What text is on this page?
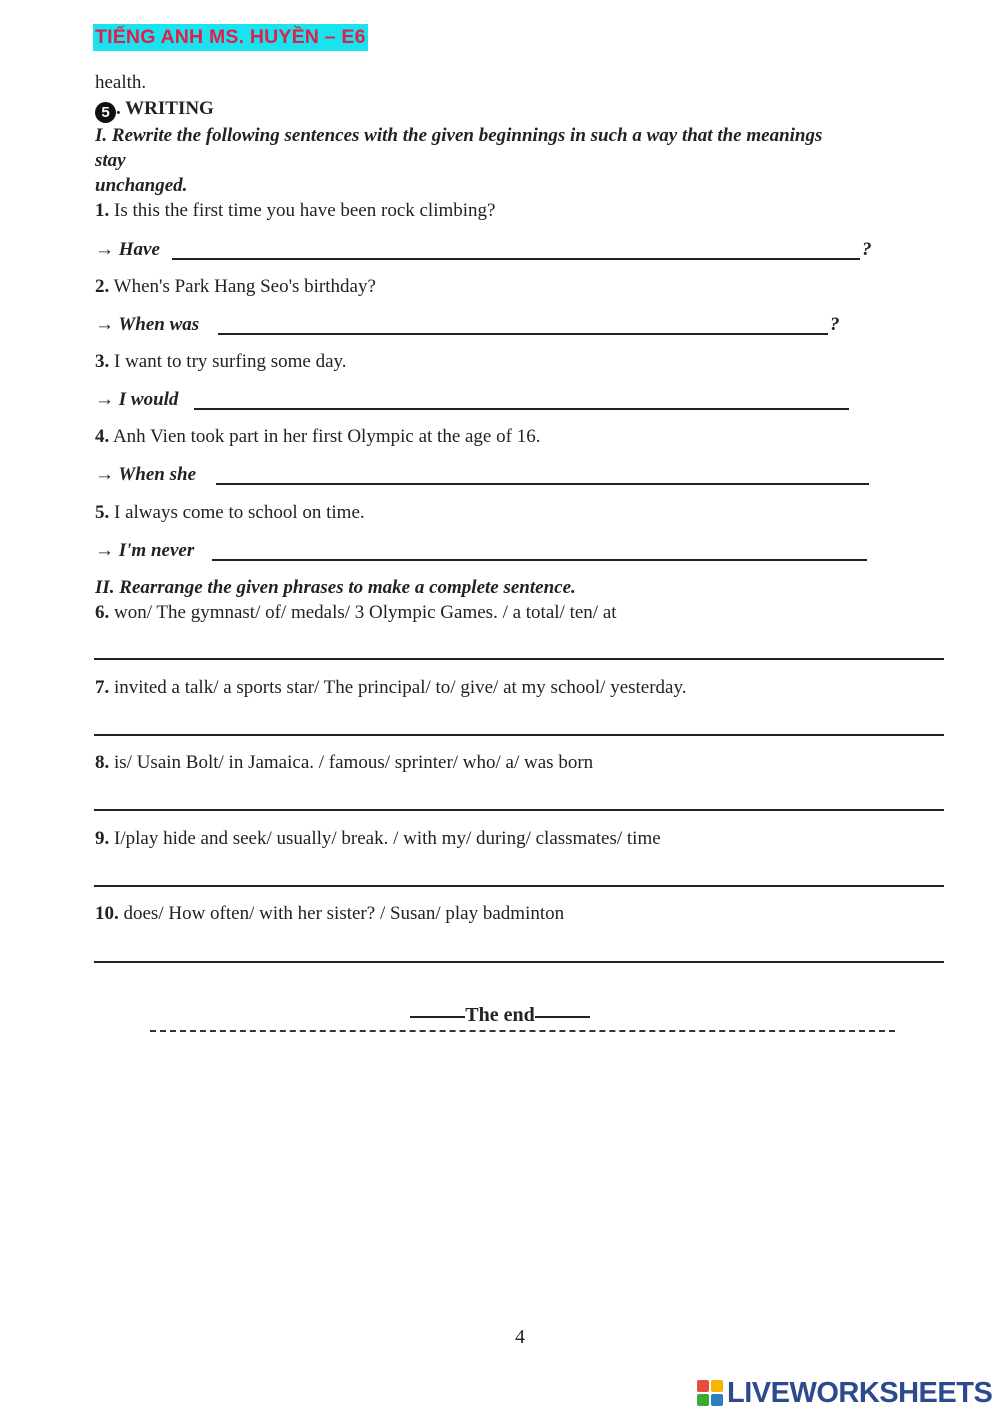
TIẾNG ANH MS. HUYỀN – E6
health.
5 . WRITING
I. Rewrite the following sentences with the given beginnings in such a way that the meanings
stay
unchanged.
1. Is this the first time you have been rock climbing?
→ Have	?
2. When's Park Hang Seo's birthday?
→ When was	?
3. I want to try surfing some day.
→ I would
4. Anh Vien took part in her first Olympic at the age of 16.
→ When she
5. I always come to school on time.
→ I'm never
II. Rearrange the given phrases to make a complete sentence.
6. won/ The gymnast/ of/ medals/ 3 Olympic Games. / a total/ ten/ at
7. invited a talk/ a sports star/ The principal/ to/ give/ at my school/ yesterday.
8. is/ Usain Bolt/ in Jamaica. / famous/ sprinter/ who/ a/ was born
9. I/play hide and seek/ usually/ break. / with my/ during/ classmates/ time
10. does/ How often/ with her sister? / Susan/ play badminton
The end
4
LIVEWORKSHEETS
